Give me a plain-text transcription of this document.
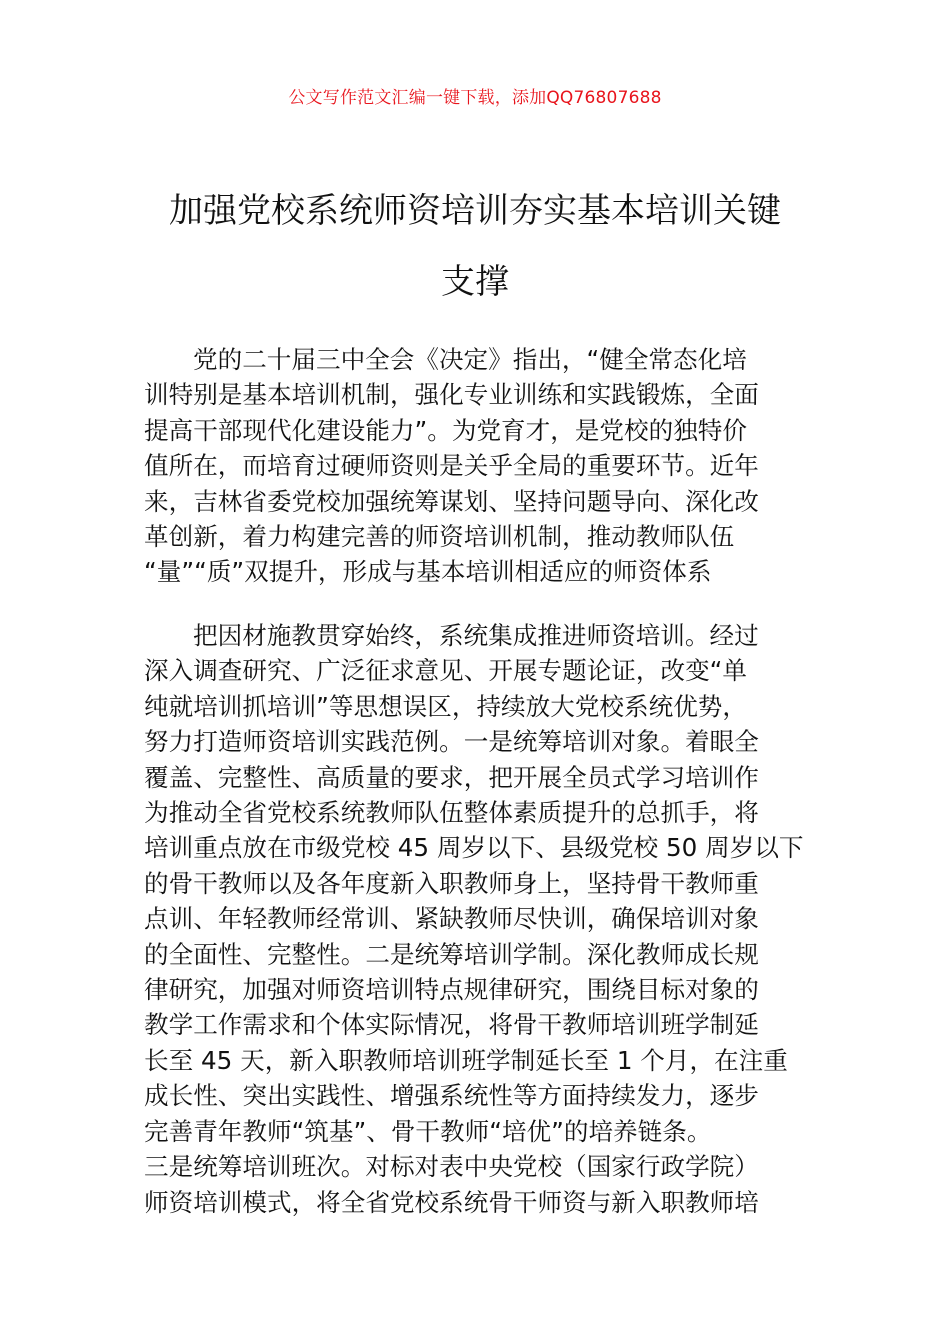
公文写作范文汇编一键下载，添加QQ76807688
加强党校系统师资培训夯实基本培训关键
支撑
党的二十届三中全会《决定》指出，“健全常态化培
训特别是基本培训机制，强化专业训练和实践锻炼，全面
提高干部现代化建设能力”。为党育才，是党校的独特价
值所在，而培育过硬师资则是关乎全局的重要环节。近年
来，吉林省委党校加强统筹谋划、坚持问题导向、深化改
革创新，着力构建完善的师资培训机制，推动教师队伍
“量”“质”双提升，形成与基本培训相适应的师资体系
把因材施教贯穿始终，系统集成推进师资培训。经过
深入调查研究、广泛征求意见、开展专题论证，改变“单
纯就培训抓培训”等思想误区，持续放大党校系统优势，
努力打造师资培训实践范例。一是统筹培训对象。着眼全
覆盖、完整性、高质量的要求，把开展全员式学习培训作
为推动全省党校系统教师队伍整体素质提升的总抓手，将
培训重点放在市级党校 45 周岁以下、县级党校 50 周岁以下
的骨干教师以及各年度新入职教师身上，坚持骨干教师重
点训、年轻教师经常训、紧缺教师尽快训，确保培训对象
的全面性、完整性。二是统筹培训学制。深化教师成长规
律研究，加强对师资培训特点规律研究，围绕目标对象的
教学工作需求和个体实际情况，将骨干教师培训班学制延
长至 45 天，新入职教师培训班学制延长至 1 个月，在注重
成长性、突出实践性、增强系统性等方面持续发力，逐步
完善青年教师“筑基”、骨干教师“培优”的培养链条。
三是统筹培训班次。对标对表中央党校（国家行政学院）
师资培训模式，将全省党校系统骨干师资与新入职教师培
